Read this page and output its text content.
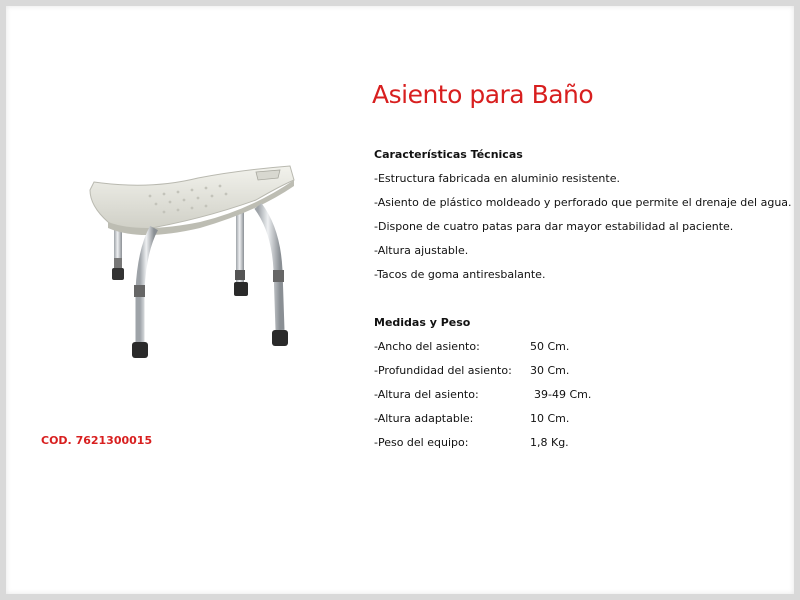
Asiento para Baño
Características Técnicas
-Estructura fabricada en aluminio resistente.
-Asiento de plástico moldeado y perforado que permite el drenaje del agua.
-Dispone de cuatro patas para dar mayor estabilidad al paciente.
-Altura ajustable.
-Tacos de goma antiresbalante.
Medidas y Peso
-Ancho del asiento:	50 Cm.
-Profundidad del asiento: 30 Cm.
-Altura del asiento:	39-49 Cm.
-Altura adaptable:	10 Cm.
-Peso del equipo:	1,8 Kg.
COD. 7621300015
